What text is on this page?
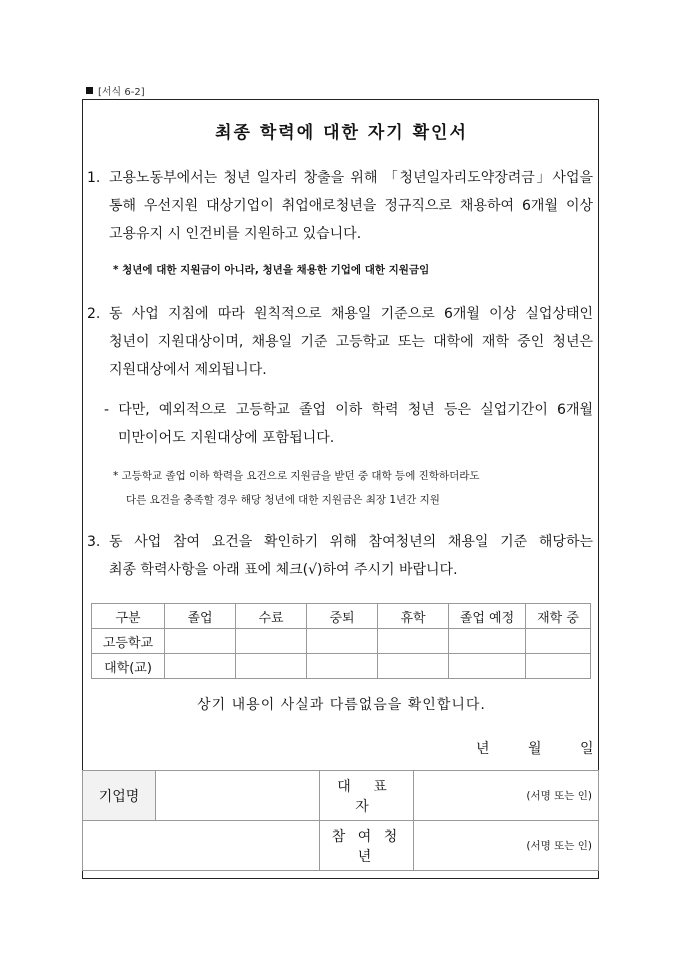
[서식 6-2]
최종 학력에 대한 자기 확인서
1. 고용노동부에서는 청년 일자리 창출을 위해 「청년일자리도약장려금」사업을

통해 우선지원 대상기업이 취업애로청년을 정규직으로 채용하여 6개월 이상

고용유지 시 인건비를 지원하고 있습니다.

* 청년에 대한 지원금이 아니라, 청년을 채용한 기업에 대한 지원금임
2. 동 사업 지침에 따라 원칙적으로 채용일 기준으로 6개월 이상 실업상태인

청년이 지원대상이며, 채용일 기준 고등학교 또는 대학에 재학 중인 청년은

지원대상에서 제외됩니다.

- 다만, 예외적으로 고등학교 졸업 이하 학력 청년 등은 실업기간이 6개월

미만이어도 지원대상에 포함됩니다.

* 고등학교 졸업 이하 학력을 요건으로 지원금을 받던 중 대학 등에 진학하더라도
다른 요건을 충족할 경우 해당 청년에 대한 지원금은 최장 1년간 지원
3. 동 사업 참여 요건을 확인하기 위해 참여청년의 채용일 기준 해당하는

최종 학력사항을 아래 표에 체크(√)하여 주시기 바랍니다.

구분	졸업	수료	중퇴	휴학	졸업 예정	재학 중
고등학교						
대학(교)						
상기 내용이 사실과 다름없음을 확인합니다.
년	월	일
기업명		대 표 자	(서명 또는 인)
		참 여 청 년	(서명 또는 인)
